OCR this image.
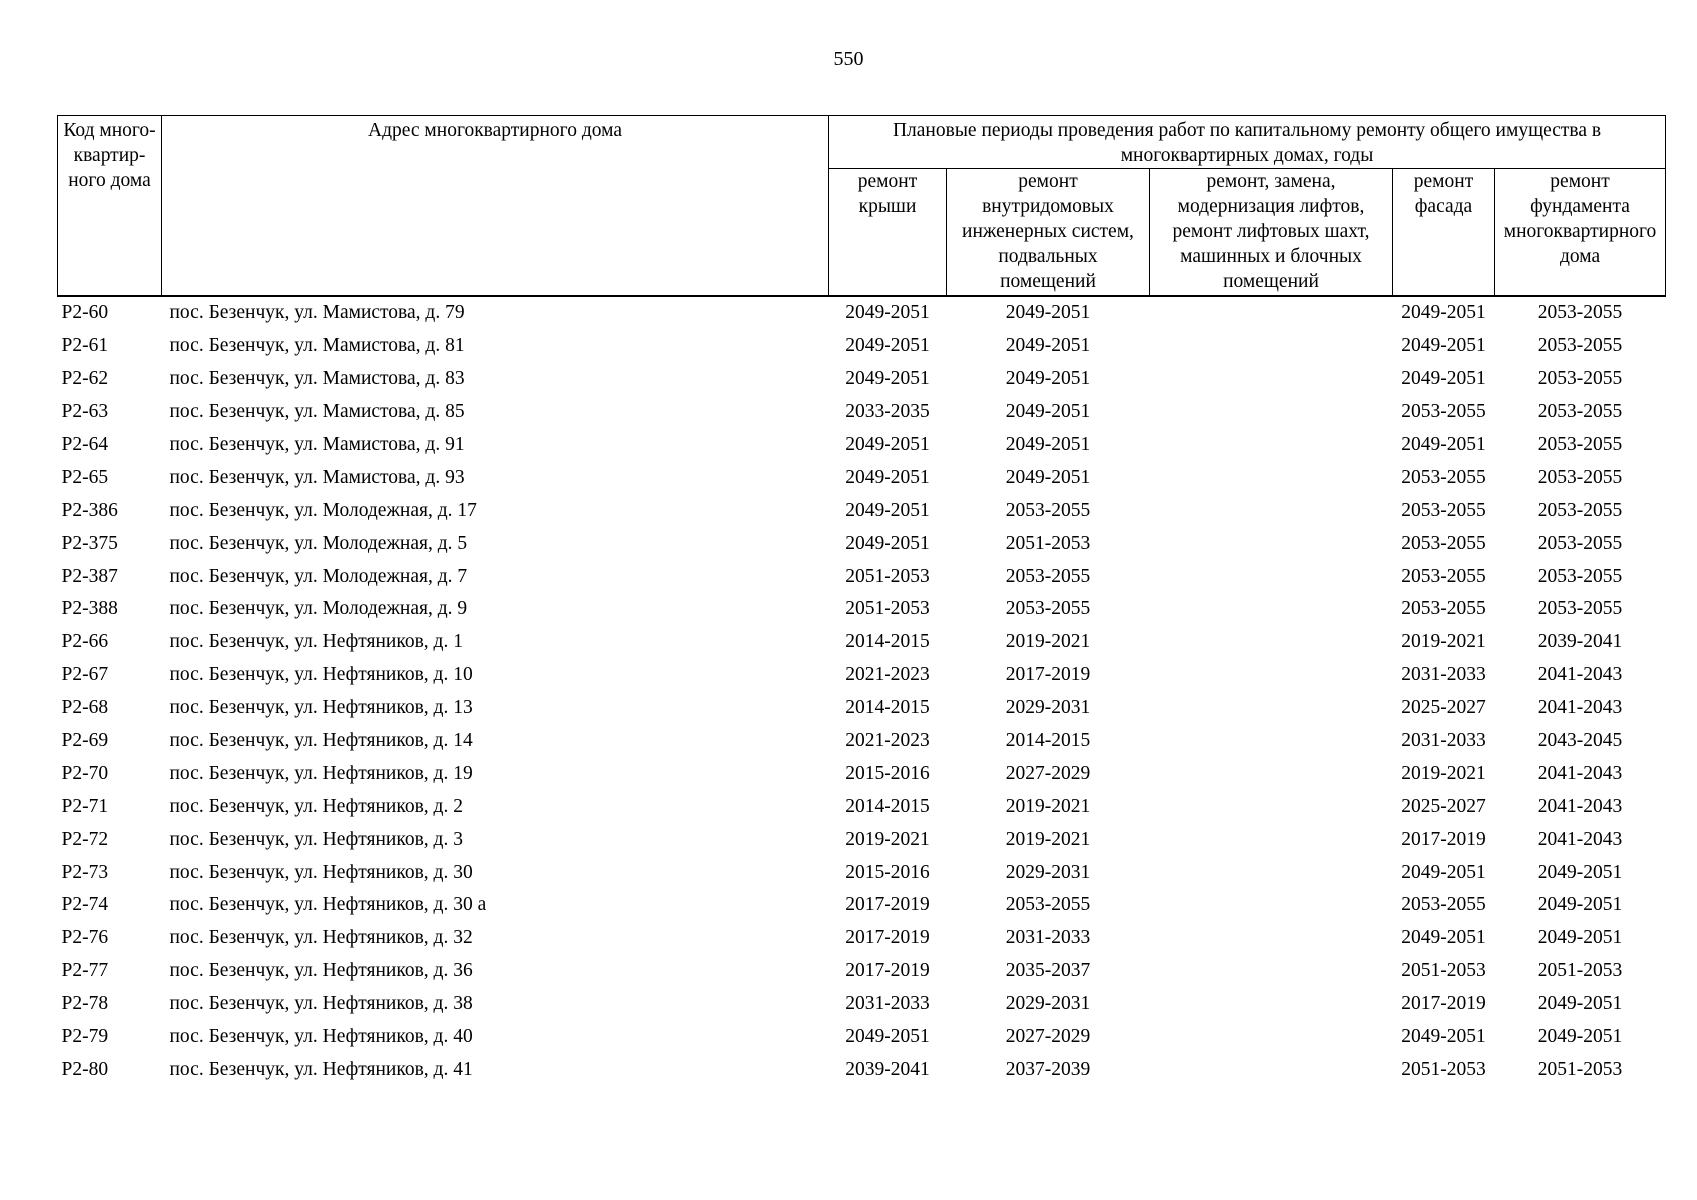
550
Код много-квартир-ного дома	Адрес многоквартирного дома	Плановые периоды проведения работ по капитальному ремонту общего имущества в многоквартирных домах, годы				
		ремонт крыши	ремонт внутридомовых инженерных систем, подвальных помещений	ремонт, замена, модернизация лифтов, ремонт лифтовых шахт, машинных и блочных помещений	ремонт фасада	ремонт фундамента многоквартирного дома
Р2-60	пос. Безенчук, ул. Мамистова, д. 79	2049-2051	2049-2051		2049-2051	2053-2055
Р2-61	пос. Безенчук, ул. Мамистова, д. 81	2049-2051	2049-2051		2049-2051	2053-2055
Р2-62	пос. Безенчук, ул. Мамистова, д. 83	2049-2051	2049-2051		2049-2051	2053-2055
Р2-63	пос. Безенчук, ул. Мамистова, д. 85	2033-2035	2049-2051		2053-2055	2053-2055
Р2-64	пос. Безенчук, ул. Мамистова, д. 91	2049-2051	2049-2051		2049-2051	2053-2055
Р2-65	пос. Безенчук, ул. Мамистова, д. 93	2049-2051	2049-2051		2053-2055	2053-2055
Р2-386	пос. Безенчук, ул. Молодежная, д. 17	2049-2051	2053-2055		2053-2055	2053-2055
Р2-375	пос. Безенчук, ул. Молодежная, д. 5	2049-2051	2051-2053		2053-2055	2053-2055
Р2-387	пос. Безенчук, ул. Молодежная, д. 7	2051-2053	2053-2055		2053-2055	2053-2055
Р2-388	пос. Безенчук, ул. Молодежная, д. 9	2051-2053	2053-2055		2053-2055	2053-2055
Р2-66	пос. Безенчук, ул. Нефтяников, д. 1	2014-2015	2019-2021		2019-2021	2039-2041
Р2-67	пос. Безенчук, ул. Нефтяников, д. 10	2021-2023	2017-2019		2031-2033	2041-2043
Р2-68	пос. Безенчук, ул. Нефтяников, д. 13	2014-2015	2029-2031		2025-2027	2041-2043
Р2-69	пос. Безенчук, ул. Нефтяников, д. 14	2021-2023	2014-2015		2031-2033	2043-2045
Р2-70	пос. Безенчук, ул. Нефтяников, д. 19	2015-2016	2027-2029		2019-2021	2041-2043
Р2-71	пос. Безенчук, ул. Нефтяников, д. 2	2014-2015	2019-2021		2025-2027	2041-2043
Р2-72	пос. Безенчук, ул. Нефтяников, д. 3	2019-2021	2019-2021		2017-2019	2041-2043
Р2-73	пос. Безенчук, ул. Нефтяников, д. 30	2015-2016	2029-2031		2049-2051	2049-2051
Р2-74	пос. Безенчук, ул. Нефтяников, д. 30 а	2017-2019	2053-2055		2053-2055	2049-2051
Р2-76	пос. Безенчук, ул. Нефтяников, д. 32	2017-2019	2031-2033		2049-2051	2049-2051
Р2-77	пос. Безенчук, ул. Нефтяников, д. 36	2017-2019	2035-2037		2051-2053	2051-2053
Р2-78	пос. Безенчук, ул. Нефтяников, д. 38	2031-2033	2029-2031		2017-2019	2049-2051
Р2-79	пос. Безенчук, ул. Нефтяников, д. 40	2049-2051	2027-2029		2049-2051	2049-2051
Р2-80	пос. Безенчук, ул. Нефтяников, д. 41	2039-2041	2037-2039		2051-2053	2051-2053
